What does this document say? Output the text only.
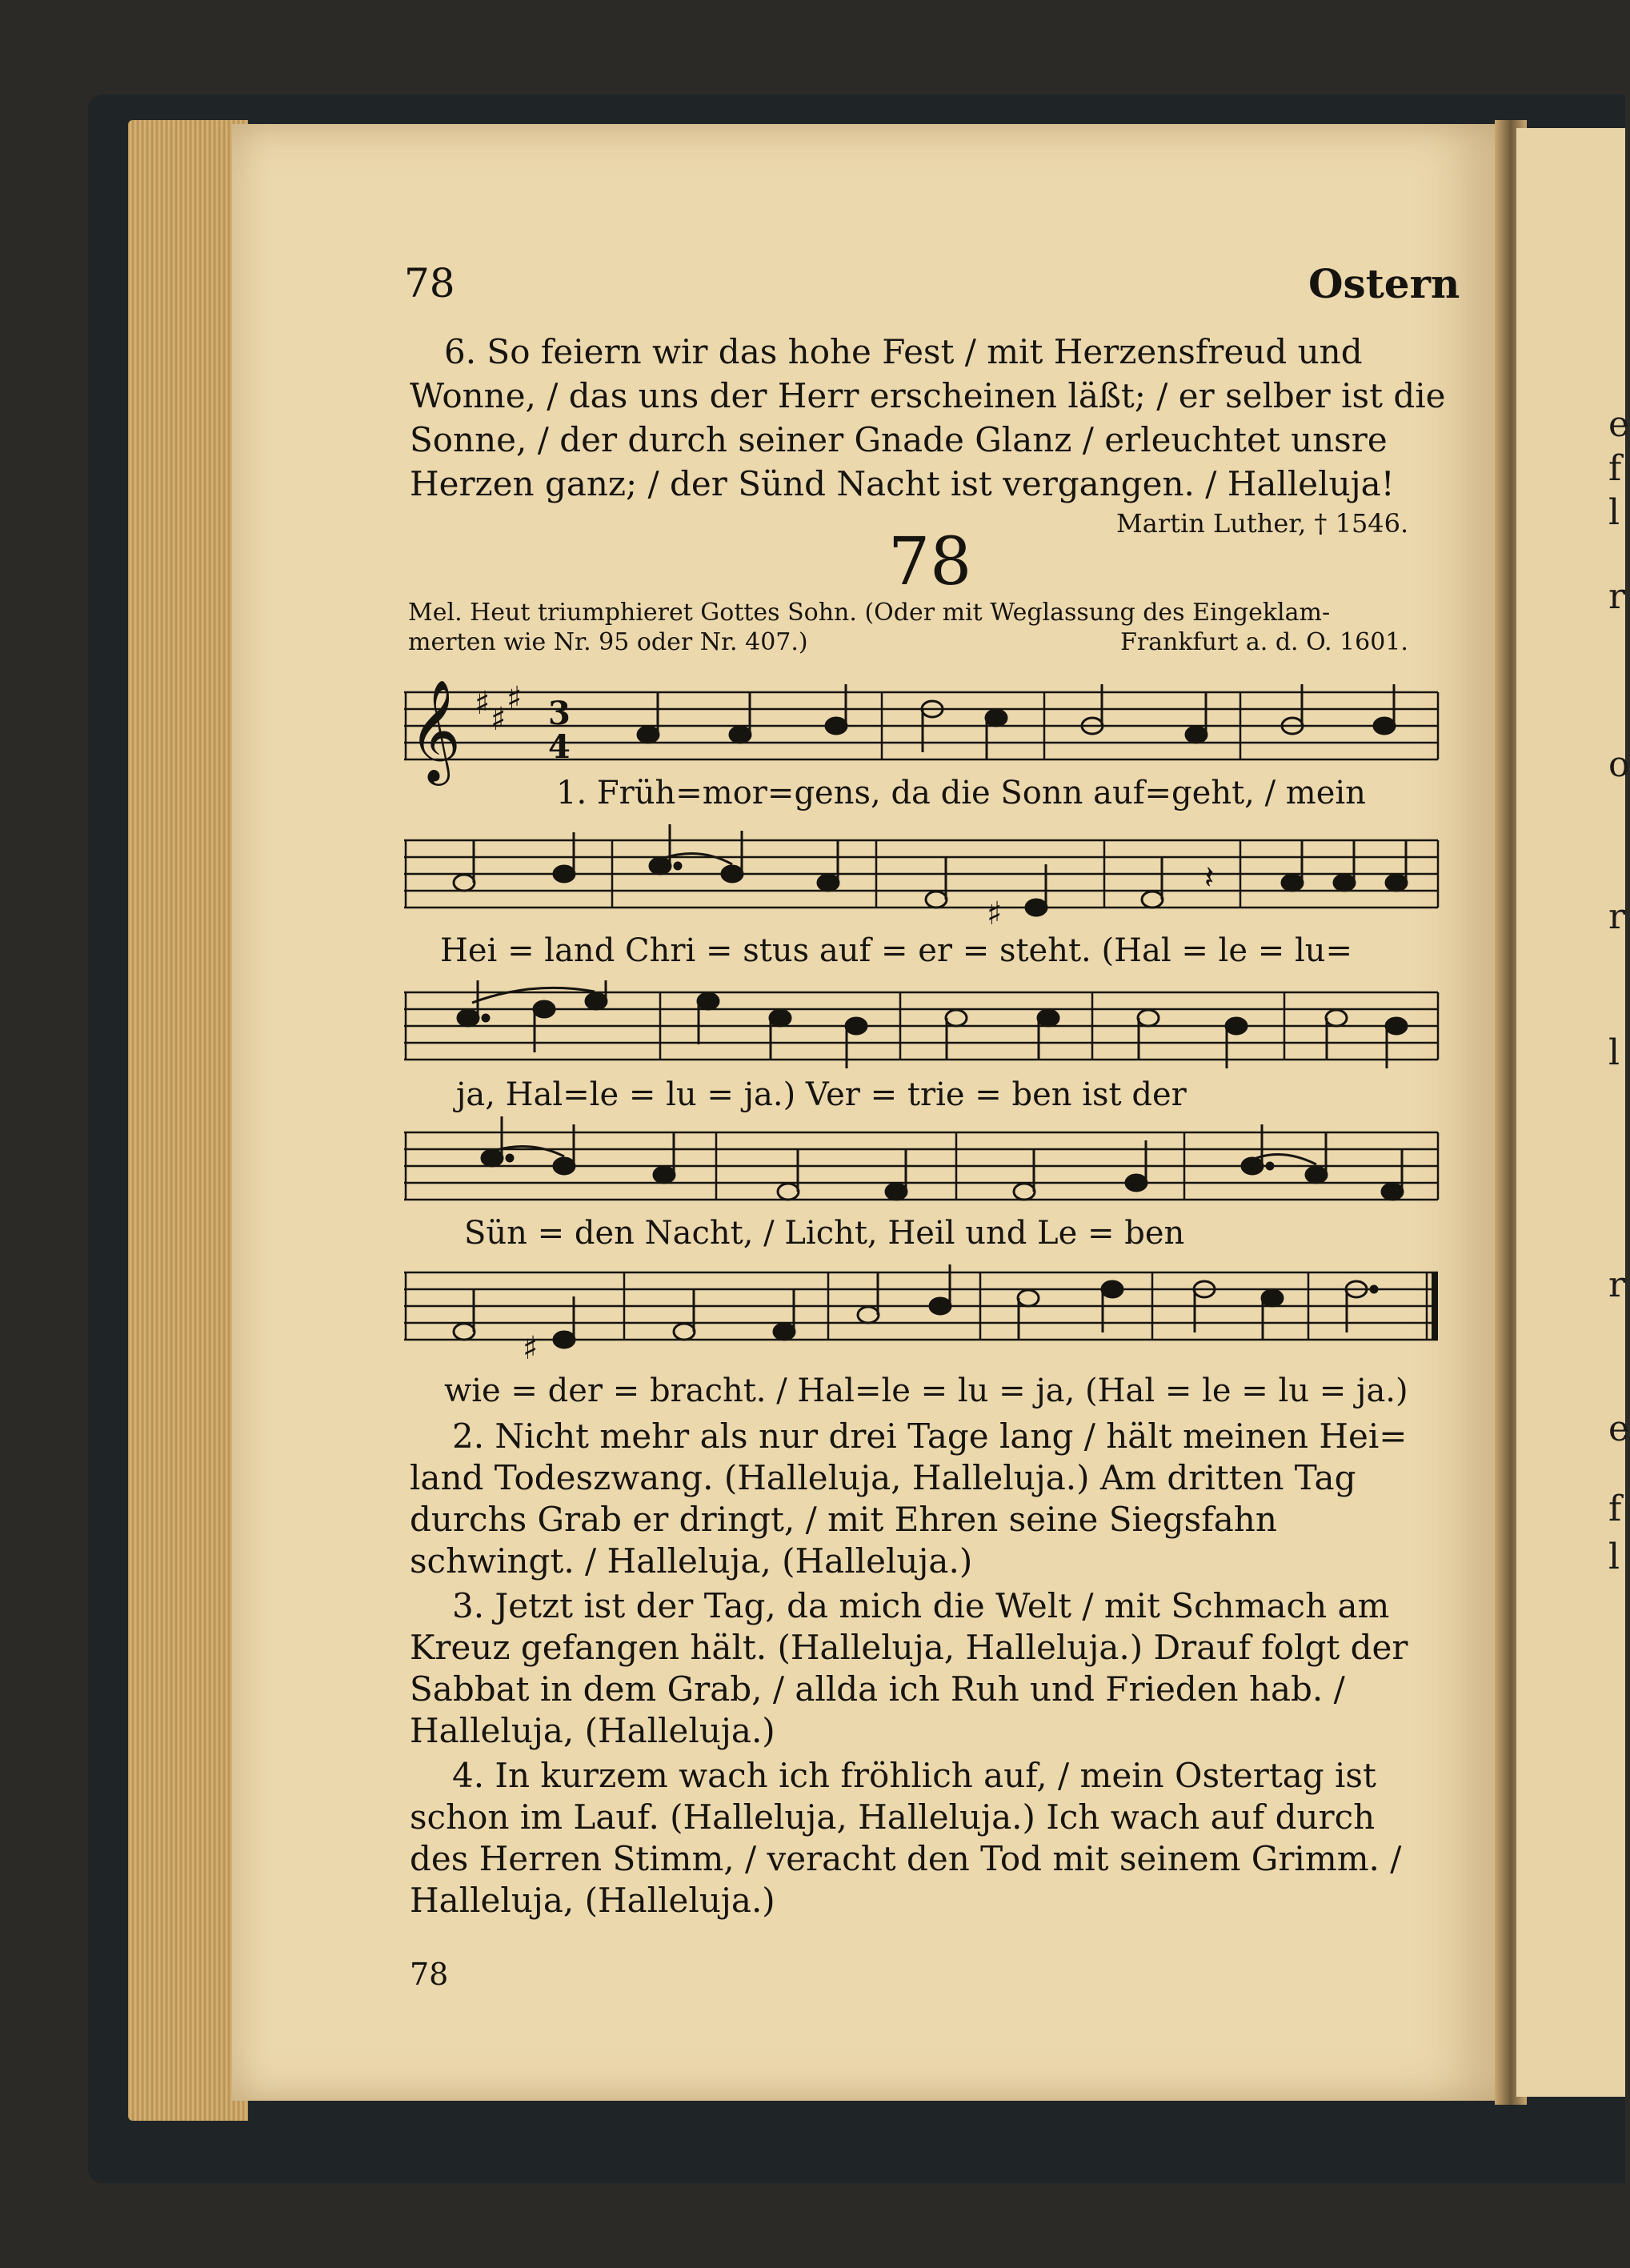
e
f
l
r
o
r
l
r
e
f
l
78	Ostern
6. So feiern wir das hohe Fest / mit Herzensfreud und
Wonne, / das uns der Herr erscheinen läßt; / er selber ist die
Sonne, / der durch seiner Gnade Glanz / erleuchtet unsre
Herzen ganz; / der Sünd Nacht ist vergangen. / Halleluja!
Martin Luther, † 1546.
78
Mel. Heut triumphieret Gottes Sohn. (Oder mit Weglassung des Eingeklam-
merten wie Nr. 95 oder Nr. 407.)	Frankfurt a. d. O. 1601.
𝄞 ♯ ♯
♯ 3
4
1. Früh=mor=gens, da die Sonn auf=geht, / mein
♯
𝄽
Hei = land Chri = stus auf = er = steht. (Hal = le = lu=
ja, Hal=le = lu = ja.) Ver = trie = ben ist der
Sün = den Nacht, / Licht, Heil und Le = ben
♯
wie = der = bracht. / Hal=le = lu = ja, (Hal = le = lu = ja.)
2. Nicht mehr als nur drei Tage lang / hält meinen Hei=
land Todeszwang. (Halleluja, Halleluja.) Am dritten Tag
durchs Grab er dringt, / mit Ehren seine Siegsfahn
schwingt. / Halleluja, (Halleluja.)
3. Jetzt ist der Tag, da mich die Welt / mit Schmach am
Kreuz gefangen hält. (Halleluja, Halleluja.) Drauf folgt der
Sabbat in dem Grab, / allda ich Ruh und Frieden hab. /
Halleluja, (Halleluja.)
4. In kurzem wach ich fröhlich auf, / mein Ostertag ist
schon im Lauf. (Halleluja, Halleluja.) Ich wach auf durch
des Herren Stimm, / veracht den Tod mit seinem Grimm. /
Halleluja, (Halleluja.)
78
